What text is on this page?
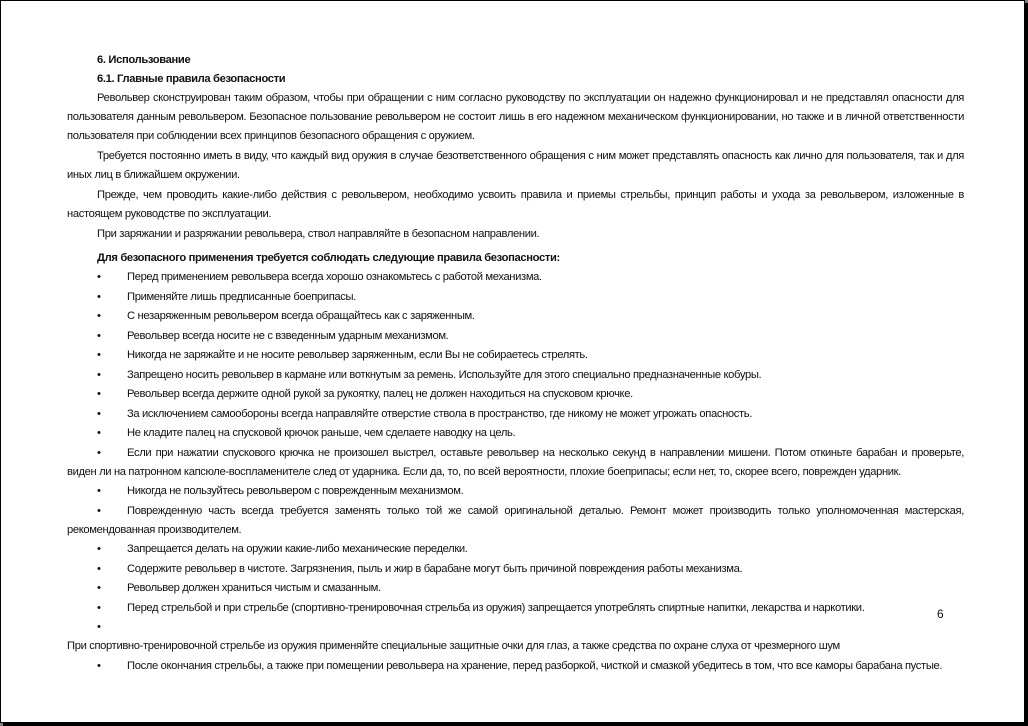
6. Использование
6.1. Главные правила безопасности
Револьвер сконструирован таким образом, чтобы при обращении с ним согласно руководству по эксплуатации он надежно функционировал и не представлял опасности для пользователя данным револьвером. Безопасное пользование револьвером не состоит лишь в его надежном механическом функционировании, но также и в личной ответственности пользователя при соблюдении всех принципов безопасного обращения с оружием.
Требуется постоянно иметь в виду, что каждый вид оружия в случае безответственного обращения с ним может представлять опасность как лично для пользователя, так и для иных лиц в ближайшем окружении.
Прежде, чем проводить какие-либо действия с револьвером, необходимо усвоить правила и приемы стрельбы, принцип работы и ухода за револьвером, изложенные в настоящем руководстве по эксплуатации.
При заряжании и разряжании револьвера, ствол направляйте в безопасном направлении.
Для безопасного применения требуется соблюдать следующие правила безопасности:
• Перед применением револьвера всегда хорошо ознакомьтесь с работой механизма.
• Применяйте лишь предписанные боеприпасы.
• С незаряженным револьвером всегда обращайтесь как с заряженным.
• Револьвер всегда носите не с взведенным ударным механизмом.
• Никогда не заряжайте и не носите револьвер заряженным, если Вы не собираетесь стрелять.
• Запрещено носить револьвер в кармане или воткнутым за ремень. Используйте для этого специально предназначенные кобуры.
• Револьвер всегда держите одной рукой за рукоятку, палец не должен находиться на спусковом крючке.
• За исключением самообороны всегда направляйте отверстие ствола в пространство, где никому не может угрожать опасность.
• Не кладите палец на спусковой крючок раньше, чем сделаете наводку на цель.
• Если при нажатии спускового крючка не произошел выстрел, оставьте револьвер на несколько секунд в направлении мишени. Потом откиньте барабан и проверьте, виден ли на патронном капсюле-воспламенителе след от ударника. Если да, то, по всей вероятности, плохие боеприпасы; если нет, то, скорее всего, поврежден ударник.
• Никогда не пользуйтесь револьвером с поврежденным механизмом.
• Поврежденную часть всегда требуется заменять только той же самой оригинальной деталью. Ремонт может производить только уполномоченная мастерская, рекомендованная производителем.
• Запрещается делать на оружии какие-либо механические переделки.
• Содержите револьвер в чистоте. Загрязнения, пыль и жир в барабане могут быть причиной повреждения работы механизма.
• Револьвер должен храниться чистым и смазанным.
• Перед стрельбой и при стрельбе (спортивно-тренировочная стрельба из оружия) запрещается употреблять спиртные напитки, лекарства и наркотики.
•При спортивно-тренировочной стрельбе из оружия применяйте специальные защитные очки для глаз, а также средства по охране слуха от чрезмерного шум
• После окончания стрельбы, а также при помещении револьвера на хранение, перед разборкой, чисткой и смазкой убедитесь в том, что все каморы барабана пустые.
6
